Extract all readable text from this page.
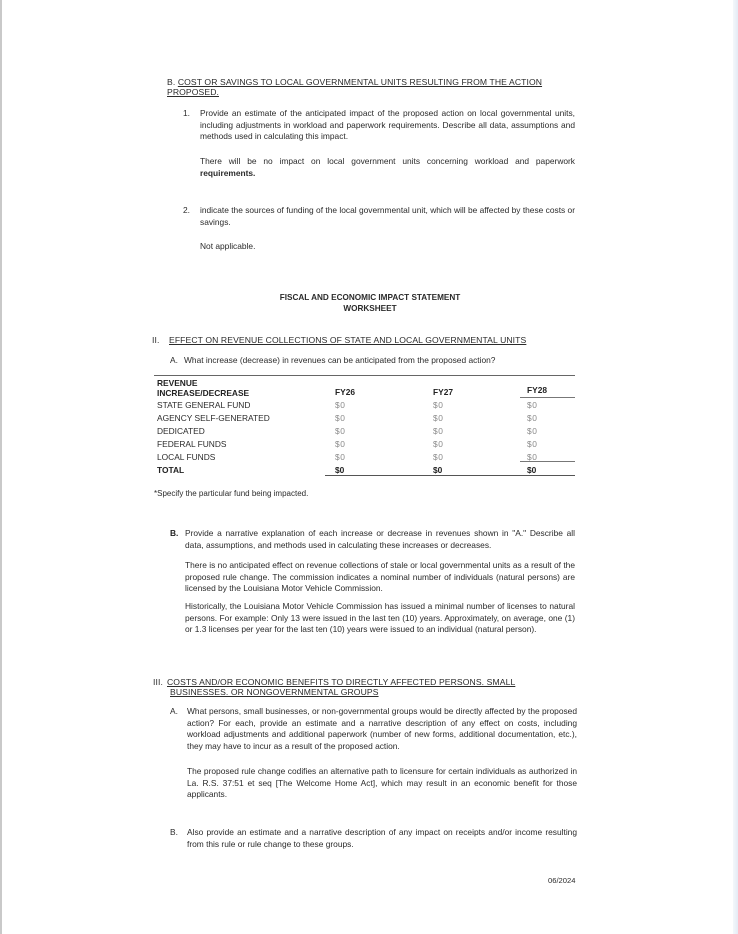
B. COST OR SAVINGS TO LOCAL GOVERNMENTAL UNITS RESULTING FROM THE ACTION
PROPOSED.
1.	Provide an estimate of the anticipated impact of the proposed action on local governmental units, including adjustments in workload and paperwork requirements. Describe all data, assumptions and methods used in calculating this impact.
There will be no impact on local government units concerning workload and paperwork requirements.
2.	indicate the sources of funding of the local governmental unit, which will be affected by these costs or savings.
Not applicable.
FISCAL AND ECONOMIC IMPACT STATEMENT
WORKSHEET
II. EFFECT ON REVENUE COLLECTIONS OF STATE AND LOCAL GOVERNMENTAL UNITS
A. What increase (decrease) in revenues can be anticipated from the proposed action?
REVENUE
INCREASE/DECREASE	FY26	FY27	FY28
STATE GENERAL FUND	$0	$0	$0
AGENCY SELF-GENERATED	$0	$0	$0
DEDICATED	$0	$0	$0
FEDERAL FUNDS	$0	$0	$0
LOCAL FUNDS	$0	$0	$0
TOTAL	$0	$0	$0
*Specify the particular fund being impacted.
B. Provide a narrative explanation of each increase or decrease in revenues shown in "A." Describe all data, assumptions, and methods used in calculating these increases or decreases.
There is no anticipated effect on revenue collections of stale or local governmental units as a result of the proposed rule change. The commission indicates a nominal number of individuals (natural persons) are licensed by the Louisiana Motor Vehicle Commission.
Historically, the Louisiana Motor Vehicle Commission has issued a minimal number of licenses to natural persons. For example: Only 13 were issued in the last ten (10) years. Approximately, on average, one (1) or 1.3 licenses per year for the last ten (10) years were issued to an individual (natural person).
III. COSTS AND/OR ECONOMIC BENEFITS TO DIRECTLY AFFECTED PERSONS. SMALL
BUSINESSES. OR NONGOVERNMENTAL GROUPS
A.	What persons, small businesses, or non-governmental groups would be directly affected by the proposed action? For each, provide an estimate and a narrative description of any effect on costs, including workload adjustments and additional paperwork (number of new forms, additional documentation, etc.), they may have to incur as a result of the proposed action.
The proposed rule change codifies an alternative path to licensure for certain individuals as authorized in La. R.S. 37:51 et seq [The Welcome Home Act], which may result in an economic benefit for those applicants.
B.	Also provide an estimate and a narrative description of any impact on receipts and/or income resulting from this rule or rule change to these groups.
06/2024
